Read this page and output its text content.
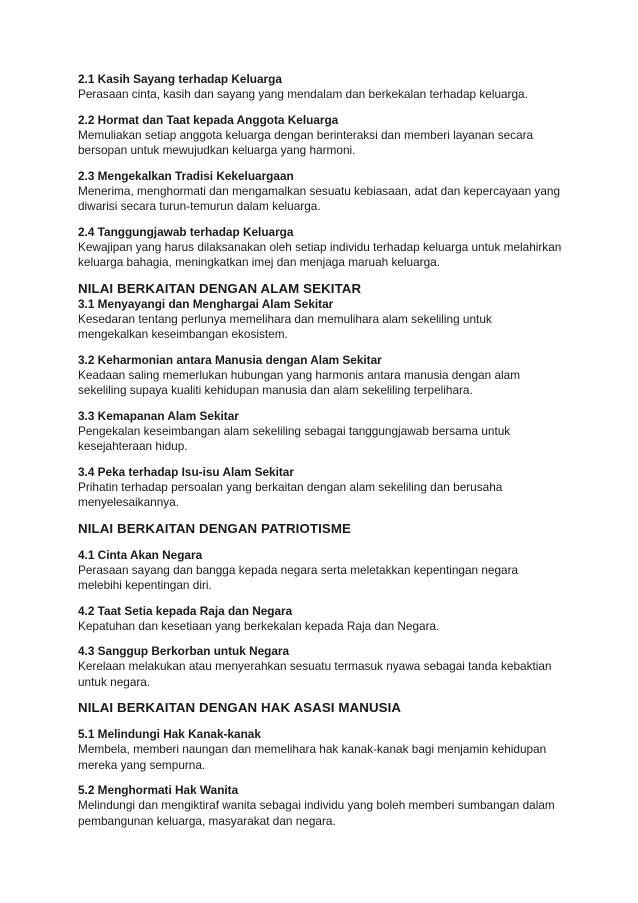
2.1 Kasih Sayang terhadap Keluarga
Perasaan cinta, kasih dan sayang yang mendalam dan berkekalan terhadap keluarga.
2.2 Hormat dan Taat kepada Anggota Keluarga
Memuliakan setiap anggota keluarga dengan berinteraksi dan memberi layanan secara
bersopan untuk mewujudkan keluarga yang harmoni.
2.3 Mengekalkan Tradisi Kekeluargaan
Menerima, menghormati dan mengamalkan sesuatu kebiasaan, adat dan kepercayaan yang
diwarisi secara turun-temurun dalam keluarga.
2.4 Tanggungjawab terhadap Keluarga
Kewajipan yang harus dilaksanakan oleh setiap individu terhadap keluarga untuk melahirkan
keluarga bahagia, meningkatkan imej dan menjaga maruah keluarga.
NILAI BERKAITAN DENGAN ALAM SEKITAR
3.1 Menyayangi dan Menghargai Alam Sekitar
Kesedaran tentang perlunya memelihara dan memulihara alam sekeliling untuk
mengekalkan keseimbangan ekosistem.
3.2 Keharmonian antara Manusia dengan Alam Sekitar
Keadaan saling memerlukan hubungan yang harmonis antara manusia dengan alam
sekeliling supaya kualiti kehidupan manusia dan alam sekeliling terpelihara.
3.3 Kemapanan Alam Sekitar
Pengekalan keseimbangan alam sekeliling sebagai tanggungjawab bersama untuk
kesejahteraan hidup.
3.4 Peka terhadap Isu-isu Alam Sekitar
Prihatin terhadap persoalan yang berkaitan dengan alam sekeliling dan berusaha
menyelesaikannya.
NILAI BERKAITAN DENGAN PATRIOTISME
4.1 Cinta Akan Negara
Perasaan sayang dan bangga kepada negara serta meletakkan kepentingan negara
melebihi kepentingan diri.
4.2 Taat Setia kepada Raja dan Negara
Kepatuhan dan kesetiaan yang berkekalan kepada Raja dan Negara.
4.3 Sanggup Berkorban untuk Negara
Kerelaan melakukan atau menyerahkan sesuatu termasuk nyawa sebagai tanda kebaktian
untuk negara.
NILAI BERKAITAN DENGAN HAK ASASI MANUSIA
5.1 Melindungi Hak Kanak-kanak
Membela, memberi naungan dan memelihara hak kanak-kanak bagi menjamin kehidupan
mereka yang sempurna.
5.2 Menghormati Hak Wanita
Melindungi dan mengiktiraf wanita sebagai individu yang boleh memberi sumbangan dalam
pembangunan keluarga, masyarakat dan negara.
